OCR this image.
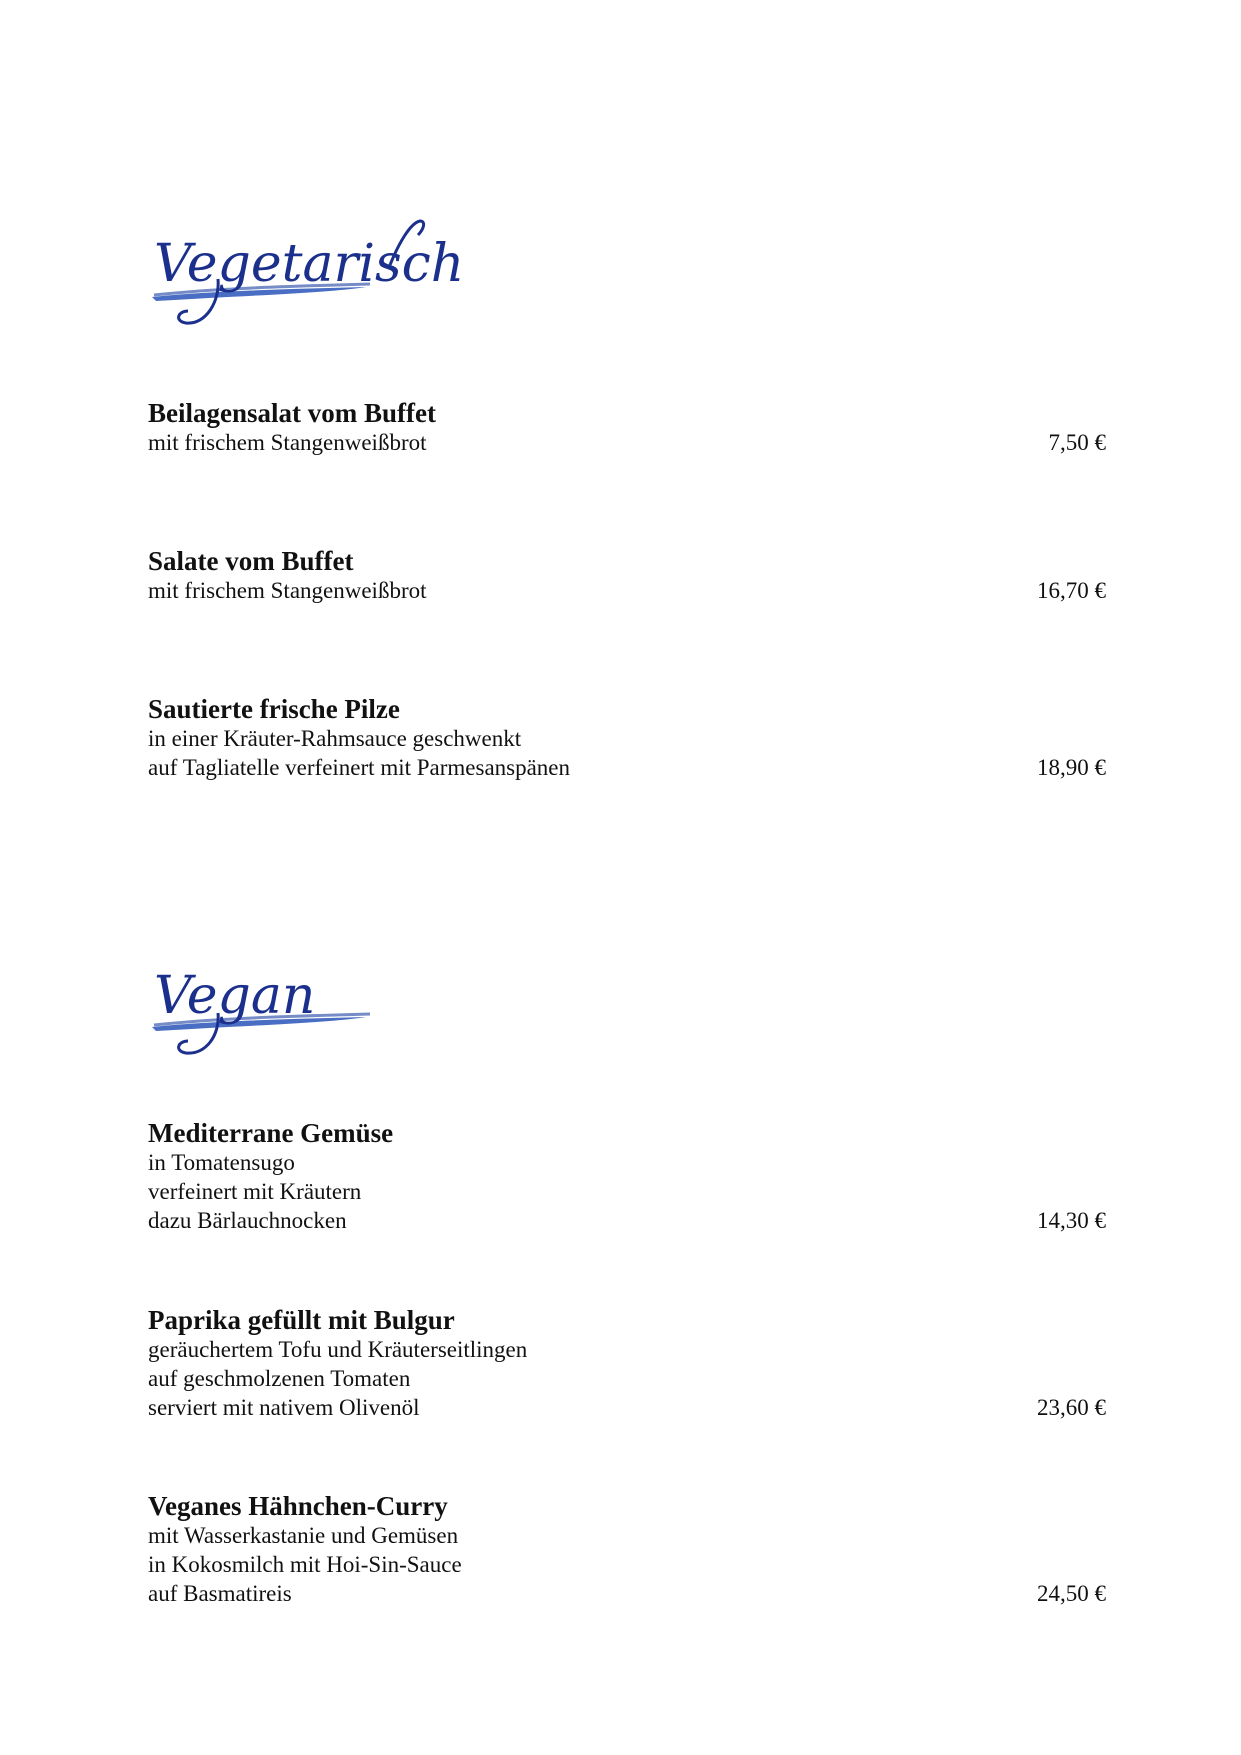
Vegetarisch

Beilagensalat vom Buffet

mit frischem Stangenweißbrot	7,50 €

Salate vom Buffet

mit frischem Stangenweißbrot	16,70 €

Sautierte frische Pilze

in einer Kräuter-Rahmsauce geschwenkt

auf Tagliatelle verfeinert mit Parmesanspänen	18,90 €
Vegan

Mediterrane Gemüse

in Tomatensugo

verfeinert mit Kräutern

dazu Bärlauchnocken	14,30 €

Paprika gefüllt mit Bulgur

geräuchertem Tofu und Kräuterseitlingen

auf geschmolzenen Tomaten

serviert mit nativem Olivenöl	23,60 €

Veganes Hähnchen-Curry

mit Wasserkastanie und Gemüsen

in Kokosmilch mit Hoi-Sin-Sauce

auf Basmatireis	24,50 €
